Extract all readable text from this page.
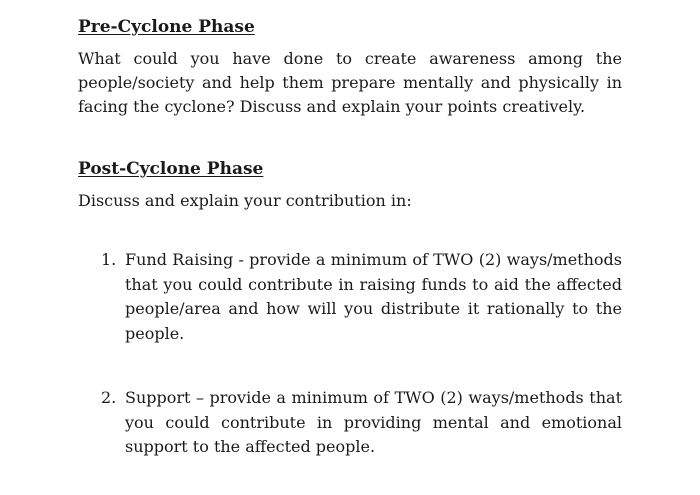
Pre-Cyclone Phase

What could you have done to create awareness among the people/society and help them prepare mentally and physically in facing the cyclone? Discuss and explain your points creatively.

Post-Cyclone Phase

Discuss and explain your contribution in:

1. Fund Raising - provide a minimum of TWO (2) ways/methods that you could contribute in raising funds to aid the affected people/area and how will you distribute it rationally to the people.
2. Support – provide a minimum of TWO (2) ways/methods that you could contribute in providing mental and emotional support to the affected people.
